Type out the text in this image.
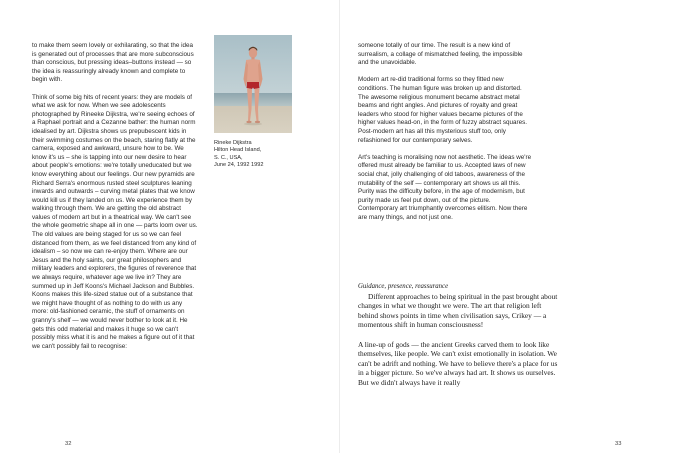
to make them seem lovely or exhilarating, so that the idea is generated out of processes that are more subconscious than conscious, but pressing ideas–buttons instead — so the idea is reassuringly already known and complete to begin with.

Think of some big hits of recent years: they are models of what we ask for now. When we see adolescents photographed by Rineeke Dijkstra, we're seeing echoes of a Raphael portrait and a Cezanne bather: the human norm idealised by art. Dijkstra shows us prepubescent kids in their swimming costumes on the beach, staring flatly at the camera, exposed and awkward, unsure how to be. We know it's us – she is tapping into our new desire to hear about people's emotions: we're totally uneducated but we know everything about our feelings. Our new pyramids are Richard Serra's enormous rusted steel sculptures leaning inwards and outwards – curving metal plates that we know would kill us if they landed on us. We experience them by walking through them. We are getting the old abstract values of modern art but in a theatrical way. We can't see the whole geometric shape all in one — parts loom over us. The old values are being staged for us so we can feel distanced from them, as we feel distanced from any kind of idealism – so now we can re-enjoy them. Where are our Jesus and the holy saints, our great philosophers and military leaders and explorers, the figures of reverence that we always require, whatever age we live in? They are summed up in Jeff Koons's Michael Jackson and Bubbles. Koons makes this life-sized statue out of a substance that we might have thought of as nothing to do with us any more: old-fashioned ceramic, the stuff of ornaments on granny's shelf — we would never bother to look at it. He gets this odd material and makes it huge so we can't possibly miss what it is and he makes a figure out of it that we can't possibly fail to recognise:

Rineke Dijkstra
Hilton Head Island,
S. C., USA,
June 24, 1992 1992
32

someone totally of our time. The result is a new kind of surrealism, a collage of mismatched feeling, the impossible and the unavoidable.

Modern art re-did traditional forms so they fitted new conditions. The human figure was broken up and distorted. The awesome religious monument became abstract metal beams and right angles. And pictures of royalty and great leaders who stood for higher values became pictures of the higher values head-on, in the form of fuzzy abstract squares. Post-modern art has all this mysterious stuff too, only refashioned for our contemporary selves.

Art's teaching is moralising now not aesthetic. The ideas we're offered must already be familiar to us. Accepted laws of new social chat, jolly challenging of old taboos, awareness of the mutability of the self — contemporary art shows us all this. Purity was the difficulty before, in the age of modernism, but purity made us feel put down, out of the picture. Contemporary art triumphantly overcomes elitism. Now there are many things, and not just one.

Guidance, presence, reassurance

Different approaches to being spiritual in the past brought about changes in what we thought we were. The art that religion left behind shows points in time when civilisation says, Crikey — a momentous shift in human consciousness!

A line-up of gods — the ancient Greeks carved them to look like themselves, like people. We can't exist emotionally in isolation. We can't be adrift and nothing. We have to believe there's a place for us in a bigger picture. So we've always had art. It shows us ourselves. But we didn't always have it really

33
